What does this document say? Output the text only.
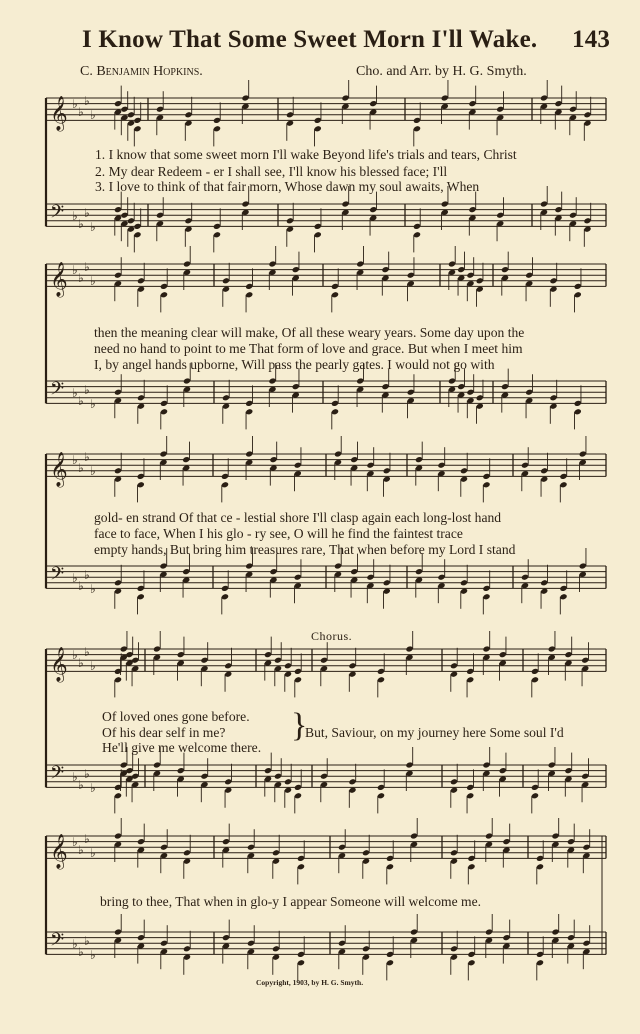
I Know That Some Sweet Morn I'll Wake. 143
C. Benjamin Hopkins.	Cho. and Arr. by H. G. Smyth.
𝄞 ♭
♭
♭
♭
𝄢 ♭
♭
♭
♭
𝄞 ♭
♭
♭
♭
𝄢 ♭
♭
♭
♭
𝄞 ♭
♭
♭
♭
𝄢 ♭
♭
♭
♭
𝄞 ♭
♭
♭
♭
𝄢 ♭
♭
♭
♭
𝄞 ♭
♭
♭
♭
𝄢 ♭
♭
♭
♭
1. I know that some sweet morn I'll wake Beyond life's trials and tears, Christ
2. My dear Redeem - er I shall see, I'll know his blessed face; I'll
3. I love to think of that fair morn, Whose dawn my soul awaits, When
then the meaning clear will make, Of all these weary years. Some day upon the
need no hand to point to me That form of love and grace. But when I meet him
I, by angel hands upborne, Will pass the pearly gates. I would not go with
gold- en strand Of that ce - lestial shore I'll clasp again each long-lost hand
face to face, When I his glo - ry see, O will he find the faintest trace
empty hands, But bring him treasures rare, That when before my Lord I stand
Chorus.
Of loved ones gone before.
Of his dear self in me?
He'll give me welcome there.
}
But, Saviour, on my journey here Some soul I'd
bring to thee, That when in glo-y I appear Someone will welcome me.
Copyright, 1903, by H. G. Smyth.
